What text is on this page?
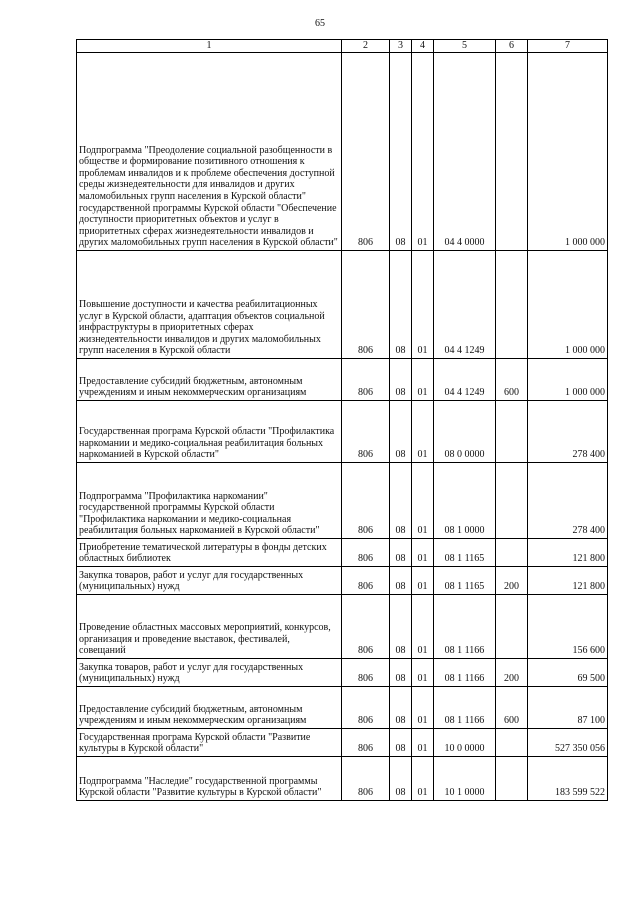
65
1	2	3	4	5	6	7
Подпрограмма "Преодоление социальной разобщенности в обществе и формирование позитивного отношения к проблемам инвалидов и к проблеме обеспечения доступной среды жизнедеятельности для инвалидов и других маломобильных групп населения в Курской области" государственной программы Курской области "Обеспечение доступности приоритетных объектов и услуг в приоритетных сферах жизнедеятельности инвалидов и других маломобильных групп населения в Курской области"	806	08	01	04 4 0000		1 000 000
Повышение доступности и качества реабилитационных услуг в Курской области, адаптация объектов социальной инфраструктуры в приоритетных сферах жизнедеятельности инвалидов и других маломобильных групп населения в Курской области	806	08	01	04 4 1249		1 000 000
Предоставление субсидий бюджетным, автономным учреждениям и иным некоммерческим организациям	806	08	01	04 4 1249	600	1 000 000
Государственная програма Курской области "Профилактика наркомании и медико-социальная реабилитация больных наркоманией в Курской области"	806	08	01	08 0 0000		278 400
Подпрограмма "Профилактика наркомании" государственной программы Курской области "Профилактика наркомании и медико-социальная реабилитация больных наркоманией в Курской области"	806	08	01	08 1 0000		278 400
Приобретение тематической литературы в фонды детских областных библиотек	806	08	01	08 1 1165		121 800
Закупка товаров, работ и услуг для государственных (муниципальных) нужд	806	08	01	08 1 1165	200	121 800
Проведение областных массовых мероприятий, конкурсов, организация и проведение выставок, фестивалей, совещаний	806	08	01	08 1 1166		156 600
Закупка товаров, работ и услуг для государственных (муниципальных) нужд	806	08	01	08 1 1166	200	69 500
Предоставление субсидий бюджетным, автономным учреждениям и иным некоммерческим организациям	806	08	01	08 1 1166	600	87 100
Государственная програма Курской области "Развитие культуры в Курской области"	806	08	01	10 0 0000		527 350 056
Подпрограмма "Наследие" государственной программы Курской области "Развитие культуры в Курской области"	806	08	01	10 1 0000		183 599 522
